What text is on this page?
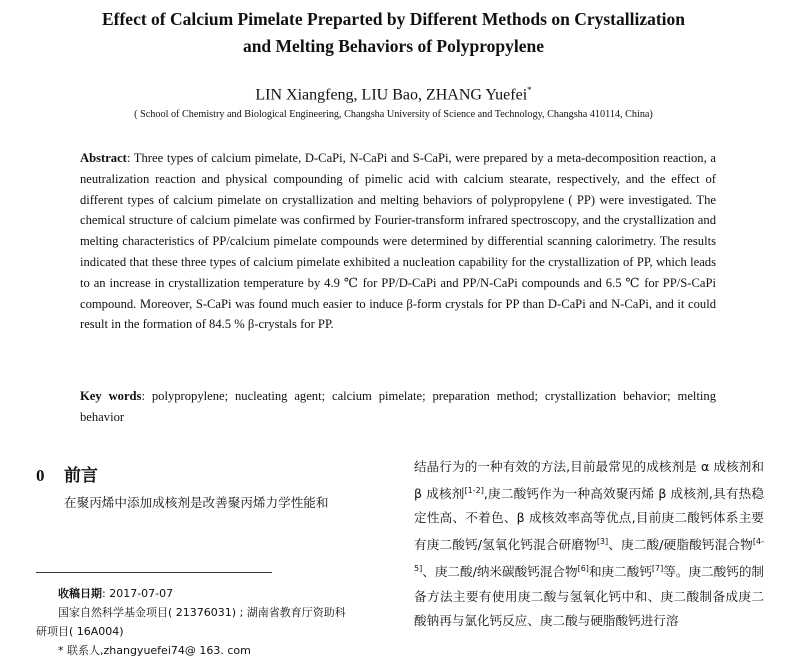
Effect of Calcium Pimelate Preparted by Different Methods on Crystallization
and Melting Behaviors of Polypropylene
LIN Xiangfeng, LIU Bao, ZHANG Yuefei*
( School of Chemistry and Biological Engineering, Changsha University of Science and Technology, Changsha 410114, China)
Abstract: Three types of calcium pimelate, D-CaPi, N-CaPi and S-CaPi, were prepared by a meta-decomposition reaction, a neutralization reaction and physical compounding of pimelic acid with calcium stearate, respectively, and the effect of different types of calcium pimelate on crystallization and melting behaviors of polypropylene ( PP) were investigated. The chemical structure of calcium pimelate was confirmed by Fourier-transform infrared spectroscopy, and the crystallization and melting characteristics of PP/calcium pimelate compounds were determined by differential scanning calorimetry. The results indicated that these three types of calcium pimelate exhibited a nucleation capability for the crystallization of PP, which leads to an increase in crystallization temperature by 4.9 ℃ for PP/D-CaPi and PP/N-CaPi compounds and 6.5 ℃ for PP/S-CaPi compound. Moreover, S-CaPi was found much easier to induce β-form crystals for PP than D-CaPi and N-CaPi, and it could result in the formation of 84.5 % β-crystals for PP.
Key words: polypropylene; nucleating agent; calcium pimelate; preparation method; crystallization behavior; melting behavior
0 前言
在聚丙烯中添加成核剂是改善聚丙烯力学性能和

收稿日期: 2017-07-07

国家自然科学基金项目( 21376031) ; 湖南省教育厅资助科

研项目( 16A004)

* 联系人,zhangyuefei74@ 163. com

结晶行为的一种有效的方法,目前最常见的成核剂是 α 成核剂和 β 成核剂[1-2],庚二酸钙作为一种高效聚丙烯 β 成核剂,具有热稳定性高、不着色、β 成核效率高等优点,目前庚二酸钙体系主要有庚二酸钙/氢氧化钙混合研磨物[3]、庚二酸/硬脂酸钙混合物[4-5]、庚二酸/纳米碳酸钙混合物[6]和庚二酸钙[7]等。庚二酸钙的制备方法主要有使用庚二酸与氢氧化钙中和、庚二酸制备成庚二酸钠再与氯化钙反应、庚二酸与硬脂酸钙进行溶
